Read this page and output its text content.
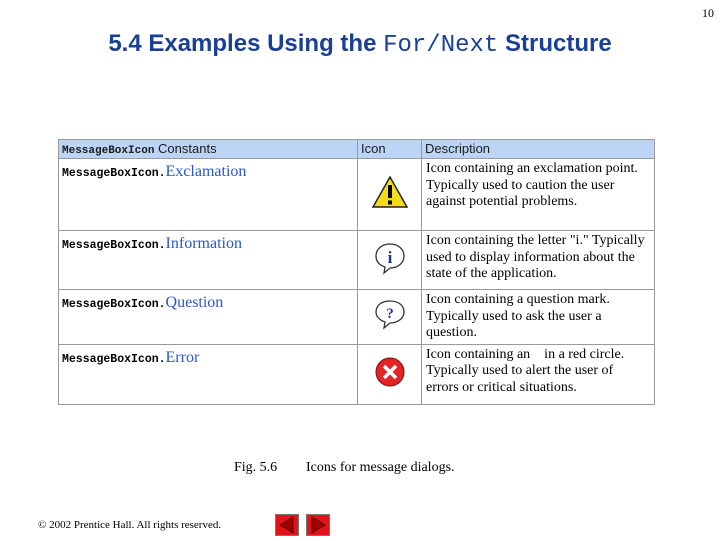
10
5.4 Examples Using the For/Next Structure
MessageBoxIcon Constants	Icon	Description
MessageBoxIcon.Exclamation		Icon containing an exclamation point.
Typically used to caution the user
against potential problems.

MessageBoxIcon.Information	i	Icon containing the letter "i." Typically
used to display information about the
state of the application.

MessageBoxIcon.Question	?	Icon containing a question mark.
Typically used to ask the user a
question.

MessageBoxIcon.Error		Icon containing an    in a red circle.
Typically used to alert the user of
errors or critical situations.
Fig. 5.6 Icons for message dialogs.
© 2002 Prentice Hall. All rights reserved.
